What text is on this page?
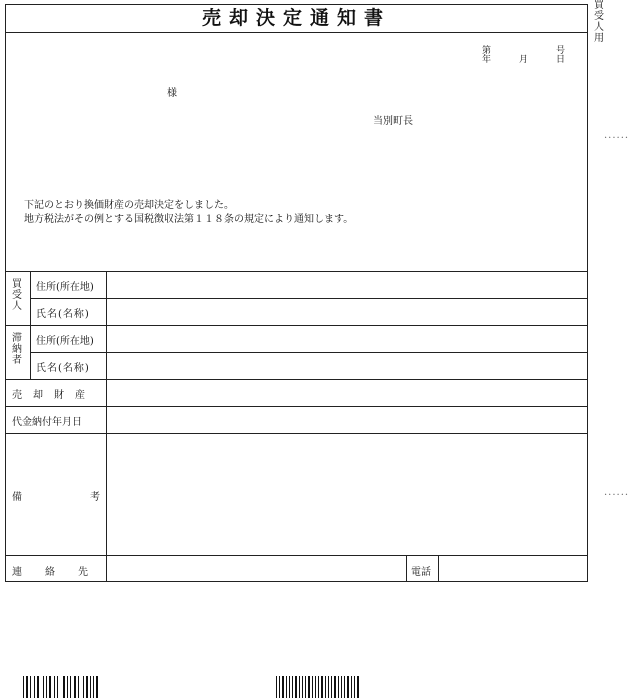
買受人用
......
......
売却決定通知書
第	号
年	月	日
様
当別町長
下記のとおり換価財産の売却決定をしました。
地方税法がその例とする国税徴収法第１１８条の規定により通知します。
買受人
住所(所在地)
氏名(名称)
滞納者
住所(所在地)
氏名(名称)
売却財産
代金納付年月日
備考
連絡先	電話
